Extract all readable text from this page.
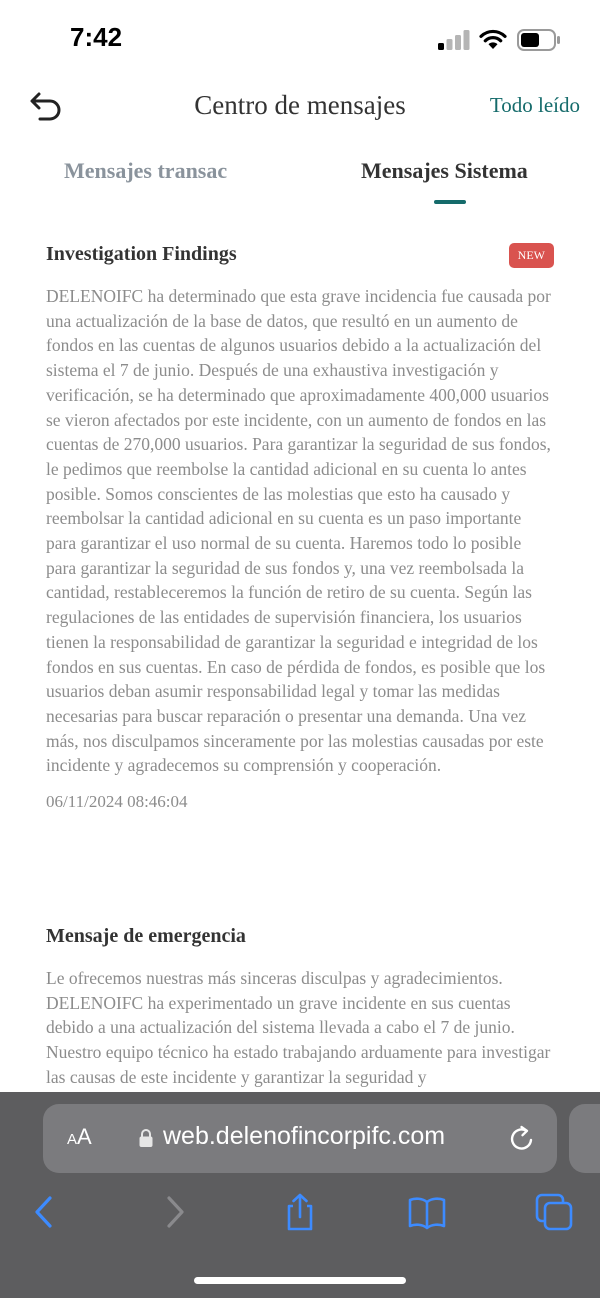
7:42
Centro de mensajes	Todo leído
Mensajes transac	Mensajes Sistema
Investigation Findings	NEW
DELENOIFC ha determinado que esta grave incidencia fue causada por una actualización de la base de datos, que resultó en un aumento de fondos en las cuentas de algunos usuarios debido a la actualización del sistema el 7 de junio. Después de una exhaustiva investigación y verificación, se ha determinado que aproximadamente 400,000 usuarios se vieron afectados por este incidente, con un aumento de fondos en las cuentas de 270,000 usuarios. Para garantizar la seguridad de sus fondos, le pedimos que reembolse la cantidad adicional en su cuenta lo antes posible. Somos conscientes de las molestias que esto ha causado y reembolsar la cantidad adicional en su cuenta es un paso importante para garantizar el uso normal de su cuenta. Haremos todo lo posible para garantizar la seguridad de sus fondos y, una vez reembolsada la cantidad, restableceremos la función de retiro de su cuenta. Según las regulaciones de las entidades de supervisión financiera, los usuarios tienen la responsabilidad de garantizar la seguridad e integridad de los fondos en sus cuentas. En caso de pérdida de fondos, es posible que los usuarios deban asumir responsabilidad legal y tomar las medidas necesarias para buscar reparación o presentar una demanda. Una vez más, nos disculpamos sinceramente por las molestias causadas por este incidente y agradecemos su comprensión y cooperación.
06/11/2024 08:46:04
Mensaje de emergencia
Le ofrecemos nuestras más sinceras disculpas y agradecimientos. DELENOIFC ha experimentado un grave incidente en sus cuentas debido a una actualización del sistema llevada a cabo el 7 de junio. Nuestro equipo técnico ha estado trabajando arduamente para investigar las causas de este incidente y garantizar la seguridad y
AA	web.delenofincorpifc.com
